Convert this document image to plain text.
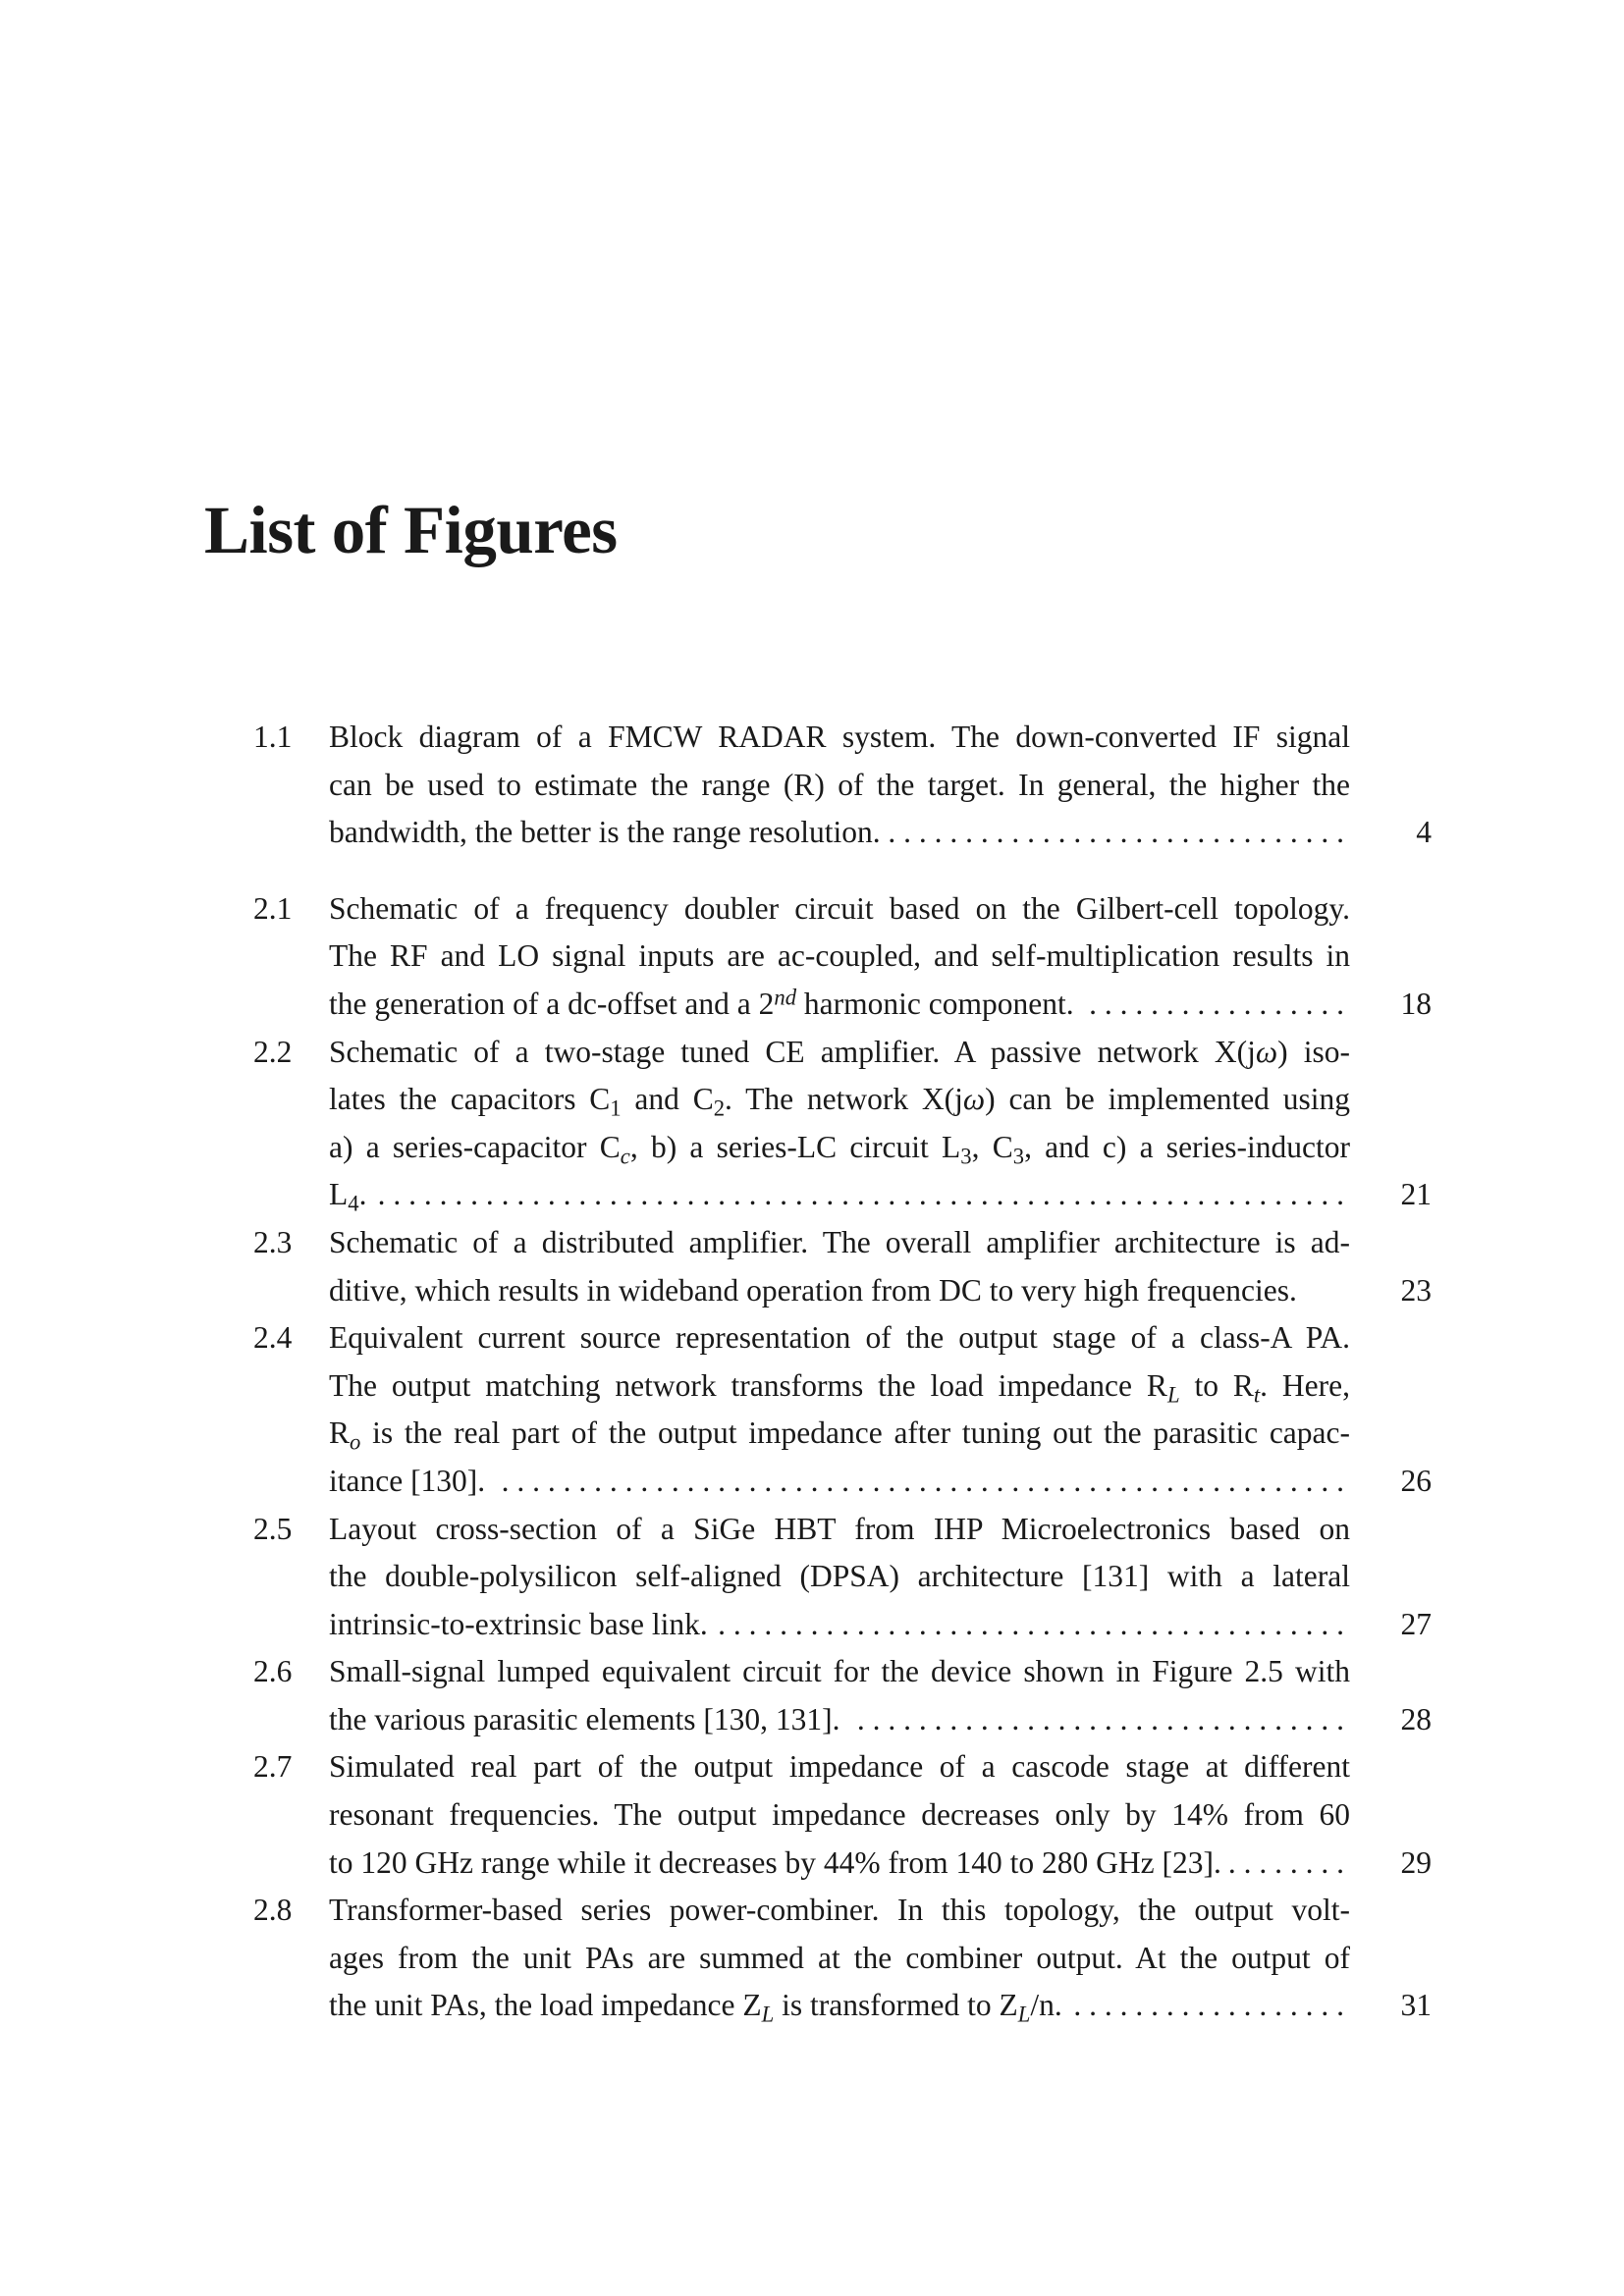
List of Figures
1.1	Block diagram of a FMCW RADAR system. The down-converted IF signal
can be used to estimate the range (R) of the target. In general, the higher the
bandwidth, the better is the range resolution. . . .	4
2.1	Schematic of a frequency doubler circuit based on the Gilbert-cell topology.
The RF and LO signal inputs are ac-coupled, and self-multiplication results in
the generation of a dc-offset and a 2nd harmonic component. . . .	18
2.2	Schematic of a two-stage tuned CE amplifier. A passive network X(jω) iso-
lates the capacitors $C_1$ and $C_2$. The network X(jω) can be implemented using
a) a series-capacitor $C_c$, b) a series-LC circuit $L_3$, $C_3$, and c) a series-inductor
$L_4$. . . .	21
2.3	Schematic of a distributed amplifier. The overall amplifier architecture is ad-
ditive, which results in wideband operation from DC to very high frequencies.	23
2.4	Equivalent current source representation of the output stage of a class-A PA.
The output matching network transforms the load impedance $R_L$ to $R_t$. Here,
$R_o$ is the real part of the output impedance after tuning out the parasitic capac-
itance [130]. . . .	26
2.5	Layout cross-section of a SiGe HBT from IHP Microelectronics based on
the double-polysilicon self-aligned (DPSA) architecture [131] with a lateral
intrinsic-to-extrinsic base link. . . .	27
2.6	Small-signal lumped equivalent circuit for the device shown in Figure 2.5 with
the various parasitic elements [130, 131]. . . .	28
2.7	Simulated real part of the output impedance of a cascode stage at different
resonant frequencies. The output impedance decreases only by 14% from 60
to 120 GHz range while it decreases by 44% from 140 to 280 GHz [23]. . . .	29
2.8	Transformer-based series power-combiner. In this topology, the output volt-
ages from the unit PAs are summed at the combiner output. At the output of
the unit PAs, the load impedance $Z_L$ is transformed to $Z_L/n$. . . .	31
